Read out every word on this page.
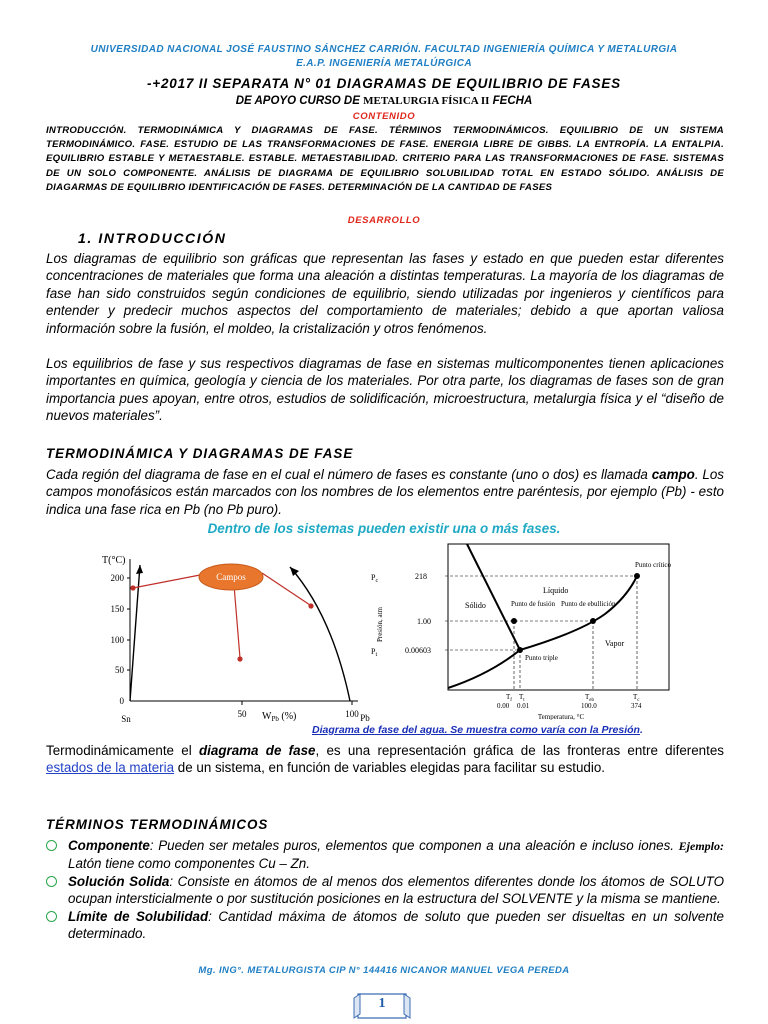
UNIVERSIDAD NACIONAL JOSÉ FAUSTINO SÁNCHEZ CARRIÓN. FACULTAD INGENIERÍA QUÍMICA Y METALURGIA
E.A.P. INGENIERÍA METALÚRGICA
-+2017 II SEPARATA N° 01 DIAGRAMAS DE EQUILIBRIO DE FASES
DE APOYO CURSO DE METALURGIA FÍSICA II FECHA
CONTENIDO
INTRODUCCIÓN. TERMODINÁMICA Y DIAGRAMAS DE FASE. TÉRMINOS TERMODINÁMICOS. EQUILIBRIO DE UN SISTEMA TERMODINÁMICO. FASE. ESTUDIO DE LAS TRANSFORMACIONES DE FASE. ENERGIA LIBRE DE GIBBS. LA ENTROPÍA. LA ENTALPIA. EQUILIBRIO ESTABLE Y METAESTABLE. ESTABLE. METAESTABILIDAD. CRITERIO PARA LAS TRANSFORMACIONES DE FASE. SISTEMAS DE UN SOLO COMPONENTE. ANÁLISIS DE DIAGRAMA DE EQUILIBRIO SOLUBILIDAD TOTAL EN ESTADO SÓLIDO. ANÁLISIS DE DIAGARMAS DE EQUILIBRIO IDENTIFICACIÓN DE FASES. DETERMINACIÓN DE LA CANTIDAD DE FASES
DESARROLLO
1. INTRODUCCIÓN
Los diagramas de equilibrio son gráficas que representan las fases y estado en que pueden estar diferentes concentraciones de materiales que forma una aleación a distintas temperaturas. La mayoría de los diagramas de fase han sido construidos según condiciones de equilibrio, siendo utilizadas por ingenieros y científicos para entender y predecir muchos aspectos del comportamiento de materiales; debido a que aportan valiosa información sobre la fusión, el moldeo, la cristalización y otros fenómenos.
Los equilibrios de fase y sus respectivos diagramas de fase en sistemas multicomponentes tienen aplicaciones importantes en química, geología y ciencia de los materiales. Por otra parte, los diagramas de fases son de gran importancia pues apoyan, entre otros, estudios de solidificación, microestructura, metalurgia física y el “diseño de nuevos materiales”.
TERMODINÁMICA Y DIAGRAMAS DE FASE
Cada región del diagrama de fase en el cual el número de fases es constante (uno o dos) es llamada campo. Los campos monofásicos están marcados con los nombres de los elementos entre paréntesis, por ejemplo (Pb) - esto indica una fase rica en Pb (no Pb puro).
Dentro de los sistemas pueden existir una o más fases.
T(°C)
0
50
100
150
200
50	100
Sn	Pb
$W_{Pb}$ (%)
Campos
Presión, atm
$P_c$
$P_t$
218
1.00
0.00603
Sólido
Líquido
Vapor
Punto de fusión Punto de ebullición
Punto triple
Punto crítico
$T_f$ $T_t$	$T_{eb}$	$T_c$
0.00 0.01	100.0	374
Temperatura, °C
Diagrama de fase del agua. Se muestra como varía con la Presión.
Termodinámicamente el diagrama de fase, es una representación gráfica de las fronteras entre diferentes estados de la materia de un sistema, en función de variables elegidas para facilitar su estudio.
TÉRMINOS TERMODINÁMICOS
Componente: Pueden ser metales puros, elementos que componen a una aleación e incluso iones. Ejemplo: Latón tiene como componentes Cu – Zn.
Solución Solida: Consiste en átomos de al menos dos elementos diferentes donde los átomos de SOLUTO ocupan intersticialmente o por sustitución posiciones en la estructura del SOLVENTE y la misma se mantiene.
Límite de Solubilidad: Cantidad máxima de átomos de soluto que pueden ser disueltas en un solvente determinado.
Mg. ING°. METALURGISTA CIP N° 144416 NICANOR MANUEL VEGA PEREDA
1
